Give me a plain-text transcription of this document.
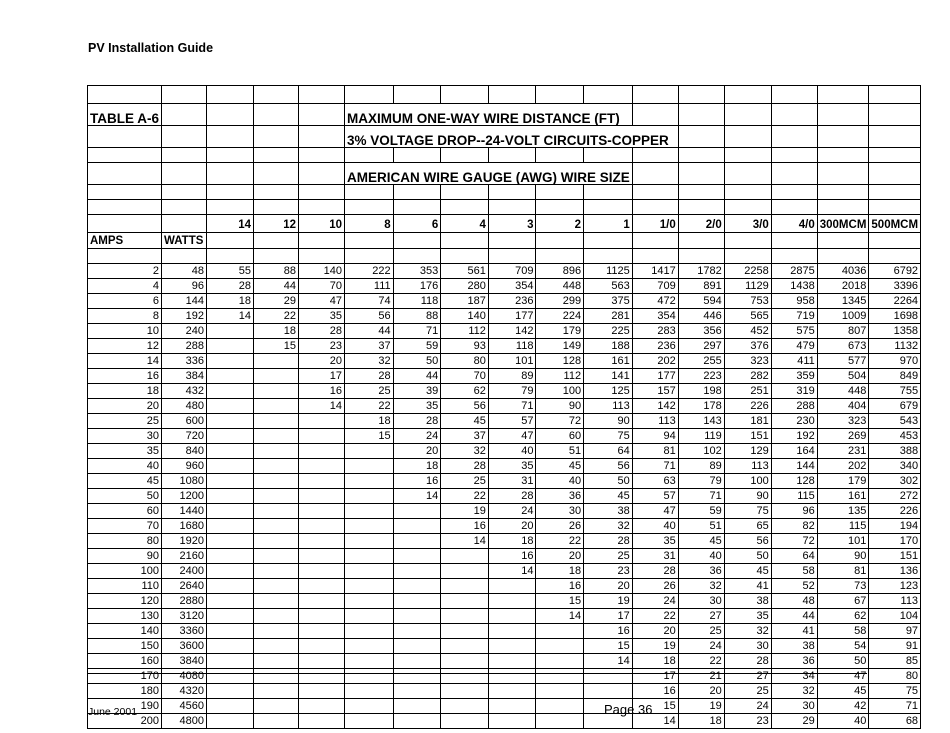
PV Installation Guide

TABLE A-6					MAXIMUM ONE-WAY WIRE DISTANCE (FT)											
					3% VOLTAGE DROP--24-VOLT CIRCUITS-COPPER											

					AMERICAN WIRE GAUGE (AWG) WIRE SIZE											

		14	12	10	8	6	4	3	2	1	1/0	2/0	3/0	4/0	300MCM	500MCM
AMPS	WATTS															

2	48	55	88	140	222	353	561	709	896	1125	1417	1782	2258	2875	4036	6792
4	96	28	44	70	111	176	280	354	448	563	709	891	1129	1438	2018	3396
6	144	18	29	47	74	118	187	236	299	375	472	594	753	958	1345	2264
8	192	14	22	35	56	88	140	177	224	281	354	446	565	719	1009	1698
10	240		18	28	44	71	112	142	179	225	283	356	452	575	807	1358
12	288		15	23	37	59	93	118	149	188	236	297	376	479	673	1132
14	336			20	32	50	80	101	128	161	202	255	323	411	577	970
16	384			17	28	44	70	89	112	141	177	223	282	359	504	849
18	432			16	25	39	62	79	100	125	157	198	251	319	448	755
20	480			14	22	35	56	71	90	113	142	178	226	288	404	679
25	600				18	28	45	57	72	90	113	143	181	230	323	543
30	720				15	24	37	47	60	75	94	119	151	192	269	453
35	840					20	32	40	51	64	81	102	129	164	231	388
40	960					18	28	35	45	56	71	89	113	144	202	340
45	1080					16	25	31	40	50	63	79	100	128	179	302
50	1200					14	22	28	36	45	57	71	90	115	161	272
60	1440						19	24	30	38	47	59	75	96	135	226
70	1680						16	20	26	32	40	51	65	82	115	194
80	1920						14	18	22	28	35	45	56	72	101	170
90	2160							16	20	25	31	40	50	64	90	151
100	2400							14	18	23	28	36	45	58	81	136
110	2640								16	20	26	32	41	52	73	123
120	2880								15	19	24	30	38	48	67	113
130	3120								14	17	22	27	35	44	62	104
140	3360									16	20	25	32	41	58	97
150	3600									15	19	24	30	38	54	91
160	3840									14	18	22	28	36	50	85
170	4080										17	21	27	34	47	80
180	4320										16	20	25	32	45	75
190	4560										15	19	24	30	42	71
200	4800										14	18	23	29	40	68
June 2001	Page 36
